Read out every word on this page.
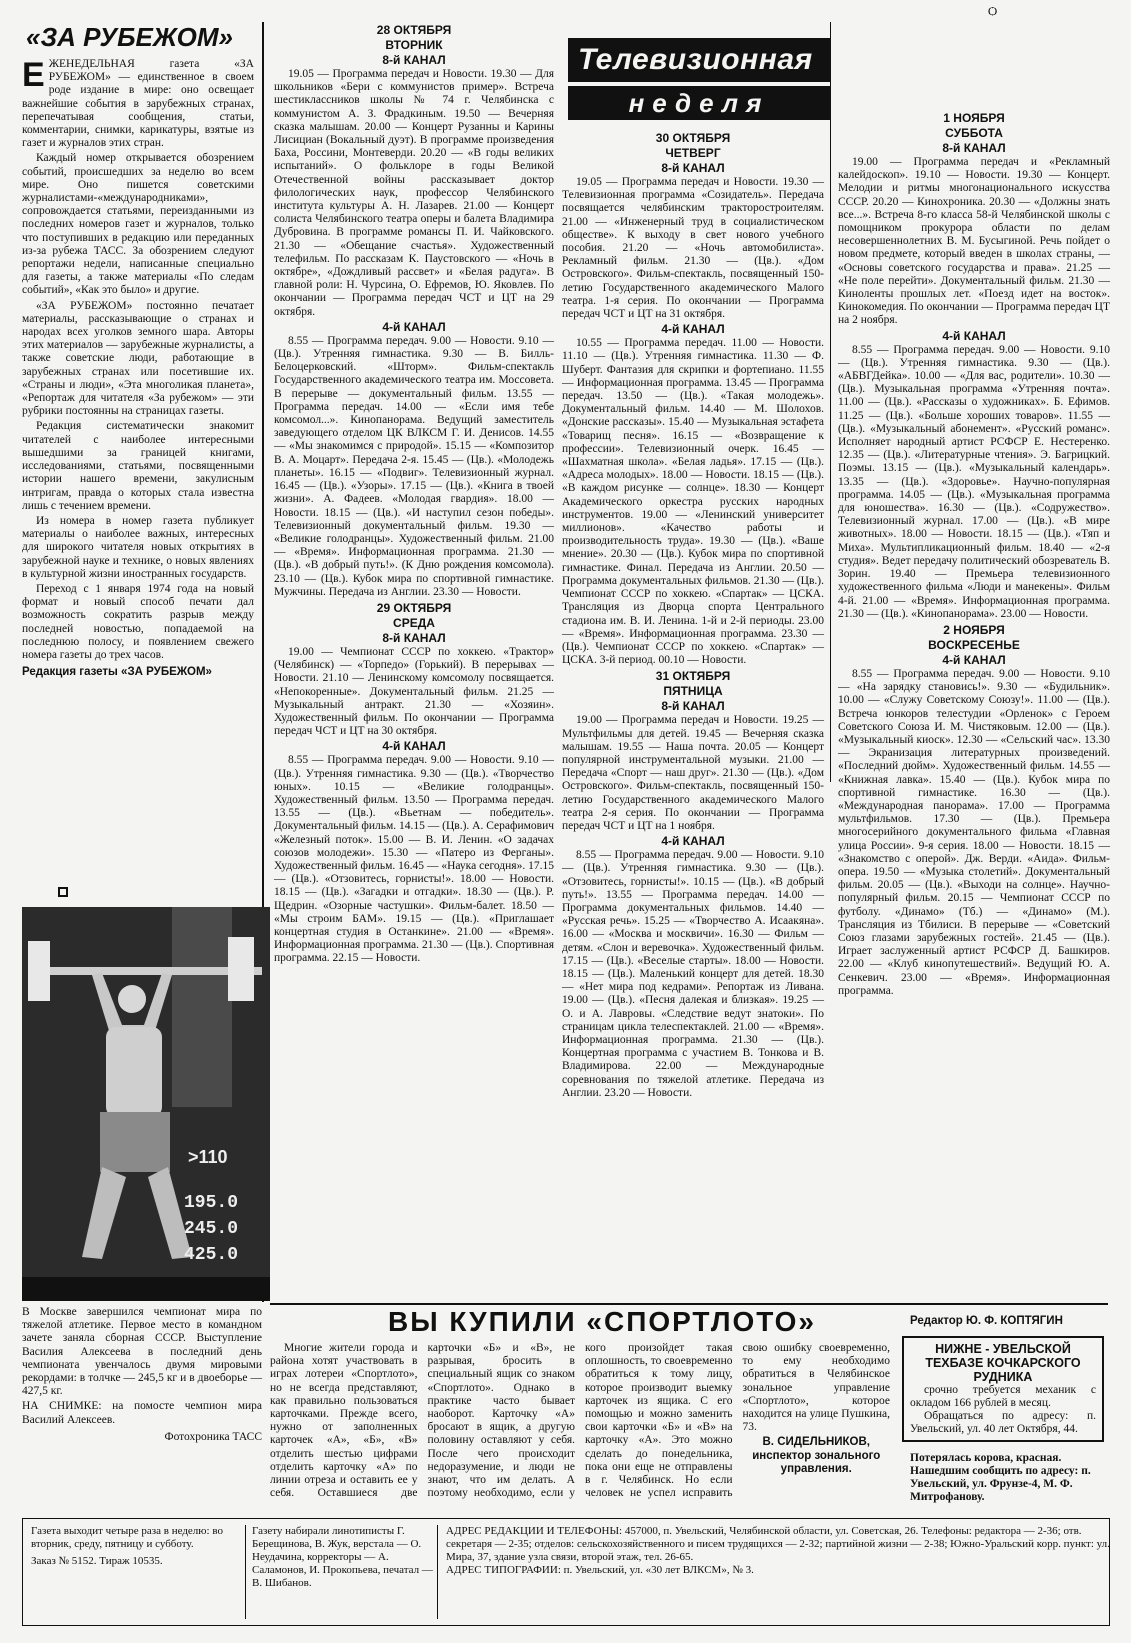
Ѻ
«ЗА РУБЕЖОМ»

ЕЖЕНЕДЕЛЬНАЯ газета «ЗА РУБЕЖОМ» — единственное в своем роде издание в мире: оно освещает важнейшие события в зарубежных странах, перепечатывая сообщения, статьи, комментарии, снимки, карикатуры, взятые из газет и журналов этих стран.

Каждый номер открывается обозрением событий, происшедших за неделю во всем мире. Оно пишется советскими журналистами-«международниками», сопровождается статьями, переизданными из последних номеров газет и журналов, только что поступивших в редакцию или переданных из-за рубежа ТАСС. За обозрением следуют репортажи недели, написанные специально для газеты, а также материалы «По следам событий», «Как это было» и другие.

«ЗА РУБЕЖОМ» постоянно печатает материалы, рассказывающие о странах и народах всех уголков земного шара. Авторы этих материалов — зарубежные журналисты, а также советские люди, работающие в зарубежных странах или посетившие их. «Страны и люди», «Эта многоликая планета», «Репортаж для читателя «За рубежом» — эти рубрики постоянны на страницах газеты.

Редакция систематически знакомит читателей с наиболее интересными вышедшими за границей книгами, исследованиями, статьями, посвященными истории нашего времени, закулисным интригам, правда о которых стала известна лишь с течением времени.

Из номера в номер газета публикует материалы о наиболее важных, интересных для широкого читателя новых открытиях в зарубежной науке и технике, о новых явлениях в культурной жизни иностранных государств.

Переход с 1 января 1974 года на новый формат и новый способ печати дал возможность сократить разрыв между последней новостью, попадаемой на последнюю полосу, и появлением свежего номера газеты до трех часов.

Редакция газеты «ЗА РУБЕЖОМ»
>110
195.0
245.0
425.0

В Москве завершился чемпионат мира по тяжелой атлетике. Первое место в командном зачете заняла сборная СССР. Выступление Василия Алексеева в последний день чемпионата увенчалось двумя мировыми рекордами: в толчке — 245,5 кг и в двоеборье — 427,5 кг.

НА СНИМКЕ: на помосте чемпион мира Василий Алексеев.

Фотохроника ТАСС
28 ОКТЯБРЯ
ВТОРНИК
8-й КАНАЛ

19.05 — Программа передач и Новости. 19.30 — Для школьников «Бери с коммунистов пример». Встреча шестиклассников школы № 74 г. Челябинска с коммунистом А. З. Фрадкиным. 19.50 — Вечерняя сказка малышам. 20.00 — Концерт Рузанны и Карины Лисициан (Вокальный дуэт). В программе произведения Баха, Россини, Монтеверди. 20.20 — «В годы великих испытаний». О фольклоре в годы Великой Отечественной войны рассказывает доктор филологических наук, профессор Челябинского института культуры А. Н. Лазарев. 21.00 — Концерт солиста Челябинского театра оперы и балета Владимира Дубровина. В программе романсы П. И. Чайковского. 21.30 — «Обещание счастья». Художественный телефильм. По рассказам К. Паустовского — «Ночь в октябре», «Дождливый рассвет» и «Белая радуга». В главной роли: Н. Чурсина, О. Ефремов, Ю. Яковлев. По окончании — Программа передач ЧСТ и ЦТ на 29 октября.

4-й КАНАЛ

8.55 — Программа передач. 9.00 — Новости. 9.10 — (Цв.). Утренняя гимнастика. 9.30 — В. Билль-Белоцерковский. «Шторм». Фильм-спектакль Государственного академического театра им. Моссовета. В перерыве — документальный фильм. 13.55 — Программа передач. 14.00 — «Если имя тебе комсомол...». Кинопанорама. Ведущий заместитель заведующего отделом ЦК ВЛКСМ Г. И. Денисов. 14.55 — «Мы знакомимся с природой». 15.15 — «Композитор В. А. Моцарт». Передача 2-я. 15.45 — (Цв.). «Молодежь планеты». 16.15 — «Подвиг». Телевизионный журнал. 16.45 — (Цв.). «Узоры». 17.15 — (Цв.). «Книга в твоей жизни». А. Фадеев. «Молодая гвардия». 18.00 — Новости. 18.15 — (Цв.). «И наступил сезон победы». Телевизионный документальный фильм. 19.30 — «Великие голодранцы». Художественный фильм. 21.00 — «Время». Информационная программа. 21.30 — (Цв.). «В добрый путь!». (К Дню рождения комсомола). 23.10 — (Цв.). Кубок мира по спортивной гимнастике. Мужчины. Передача из Англии. 23.30 — Новости.

29 ОКТЯБРЯ
СРЕДА
8-й КАНАЛ

19.00 — Чемпионат СССР по хоккею. «Трактор» (Челябинск) — «Торпедо» (Горький). В перерывах — Новости. 21.10 — Ленинскому комсомолу посвящается. «Непокоренные». Документальный фильм. 21.25 — Музыкальный антракт. 21.30 — «Хозяин». Художественный фильм. По окончании — Программа передач ЧСТ и ЦТ на 30 октября.

4-й КАНАЛ

8.55 — Программа передач. 9.00 — Новости. 9.10 — (Цв.). Утренняя гимнастика. 9.30 — (Цв.). «Творчество юных». 10.15 — «Великие голодранцы». Художественный фильм. 13.50 — Программа передач. 13.55 — (Цв.). «Вьетнам — победитель». Документальный фильм. 14.15 — (Цв.). А. Серафимович «Железный поток». 15.00 — В. И. Ленин. «О задачах союзов молодежи». 15.30 — «Патеро из Ферганы». Художественный фильм. 16.45 — «Наука сегодня». 17.15 — (Цв.). «Отзовитесь, горнисты!». 18.00 — Новости. 18.15 — (Цв.). «Загадки и отгадки». 18.30 — (Цв.). Р. Щедрин. «Озорные частушки». Фильм-балет. 18.50 — «Мы строим БАМ». 19.15 — (Цв.). «Приглашает концертная студия в Останкине». 21.00 — «Время». Информационная программа. 21.30 — (Цв.). Спортивная программа. 22.15 — Новости.

Телевизионная
неделя
30 ОКТЯБРЯ
ЧЕТВЕРГ
8-й КАНАЛ

19.05 — Программа передач и Новости. 19.30 — Телевизионная программа «Созидатель». Передача посвящается челябинским тракторостроителям. 21.00 — «Инженерный труд в социалистическом обществе». К выходу в свет нового учебного пособия. 21.20 — «Ночь автомобилиста». Рекламный фильм. 21.30 — (Цв.). «Дом Островского». Фильм-спектакль, посвященный 150-летию Государственного академического Малого театра. 1-я серия. По окончании — Программа передач ЧСТ и ЦТ на 31 октября.

4-й КАНАЛ

10.55 — Программа передач. 11.00 — Новости. 11.10 — (Цв.). Утренняя гимнастика. 11.30 — Ф. Шуберт. Фантазия для скрипки и фортепиано. 11.55 — Информационная программа. 13.45 — Программа передач. 13.50 — (Цв.). «Такая молодежь». Документальный фильм. 14.40 — М. Шолохов. «Донские рассказы». 15.40 — Музыкальная эстафета «Товарищ песня». 16.15 — «Возвращение к профессии». Телевизионный очерк. 16.45 — «Шахматная школа». «Белая ладья». 17.15 — (Цв.). «Адреса молодых». 18.00 — Новости. 18.15 — (Цв.). «В каждом рисунке — солнце». 18.30 — Концерт Академического оркестра русских народных инструментов. 19.00 — «Ленинский университет миллионов». «Качество работы и производительность труда». 19.30 — (Цв.). «Ваше мнение». 20.30 — (Цв.). Кубок мира по спортивной гимнастике. Финал. Передача из Англии. 20.50 — Программа документальных фильмов. 21.30 — (Цв.). Чемпионат СССР по хоккею. «Спартак» — ЦСКА. Трансляция из Дворца спорта Центрального стадиона им. В. И. Ленина. 1-й и 2-й периоды. 23.00 — «Время». Информационная программа. 23.30 — (Цв.). Чемпионат СССР по хоккею. «Спартак» — ЦСКА. 3-й период. 00.10 — Новости.

31 ОКТЯБРЯ
ПЯТНИЦА
8-й КАНАЛ

19.00 — Программа передач и Новости. 19.25 — Мультфильмы для детей. 19.45 — Вечерняя сказка малышам. 19.55 — Наша почта. 20.05 — Концерт популярной инструментальной музыки. 21.00 — Передача «Спорт — наш друг». 21.30 — (Цв.). «Дом Островского». Фильм-спектакль, посвященный 150-летию Государственного академического Малого театра 2-я серия. По окончании — Программа передач ЧСТ и ЦТ на 1 ноября.

4-й КАНАЛ

8.55 — Программа передач. 9.00 — Новости. 9.10 — (Цв.). Утренняя гимнастика. 9.30 — (Цв.). «Отзовитесь, горнисты!». 10.15 — (Цв.). «В добрый путь!». 13.55 — Программа передач. 14.00 — Программа документальных фильмов. 14.40 — «Русская речь». 15.25 — «Творчество А. Исаакяна». 16.00 — «Москва и москвичи». 16.30 — Фильм — детям. «Слон и веревочка». Художественный фильм. 17.15 — (Цв.). «Веселые старты». 18.00 — Новости. 18.15 — (Цв.). Маленький концерт для детей. 18.30 — «Нет мира под кедрами». Репортаж из Ливана. 19.00 — (Цв.). «Песня далекая и близкая». 19.25 — О. и А. Лавровы. «Следствие ведут знатоки». По страницам цикла телеспектаклей. 21.00 — «Время». Информационная программа. 21.30 — (Цв.). Концертная программа с участием В. Тонкова и В. Владимирова. 22.00 — Международные соревнования по тяжелой атлетике. Передача из Англии. 23.20 — Новости.

1 НОЯБРЯ
СУББОТА
8-й КАНАЛ

19.00 — Программа передач и «Рекламный калейдоскоп». 19.10 — Новости. 19.30 — Концерт. Мелодии и ритмы многонационального искусства СССР. 20.20 — Кинохроника. 20.30 — «Должны знать все...». Встреча 8-го класса 58-й Челябинской школы с помощником прокурора области по делам несовершеннолетних В. М. Бусыгиной. Речь пойдет о новом предмете, который введен в школах страны, — «Основы советского государства и права». 21.25 — «Не поле перейти». Документальный фильм. 21.30 — Киноленты прошлых лет. «Поезд идет на восток». Кинокомедия. По окончании — Программа передач ЦТ на 2 ноября.

4-й КАНАЛ

8.55 — Программа передач. 9.00 — Новости. 9.10 — (Цв.). Утренняя гимнастика. 9.30 — (Цв.). «АБВГДейка». 10.00 — «Для вас, родители». 10.30 — (Цв.). Музыкальная программа «Утренняя почта». 11.00 — (Цв.). «Рассказы о художниках». Б. Ефимов. 11.25 — (Цв.). «Больше хороших товаров». 11.55 — (Цв.). «Музыкальный абонемент». «Русский романс». Исполняет народный артист РСФСР Е. Нестеренко. 12.35 — (Цв.). «Литературные чтения». Э. Багрицкий. Поэмы. 13.15 — (Цв.). «Музыкальный календарь». 13.35 — (Цв.). «Здоровье». Научно-популярная программа. 14.05 — (Цв.). «Музыкальная программа для юношества». 16.30 — (Цв.). «Содружество». Телевизионный журнал. 17.00 — (Цв.). «В мире животных». 18.00 — Новости. 18.15 — (Цв.). «Тяп и Миха». Мультипликационный фильм. 18.40 — «2-я студия». Ведет передачу политический обозреватель В. Зорин. 19.40 — Премьера телевизионного художественного фильма «Люди и манекены». Фильм 4-й. 21.00 — «Время». Информационная программа. 21.30 — (Цв.). «Кинопанорама». 23.00 — Новости.

2 НОЯБРЯ
ВОСКРЕСЕНЬЕ
4-й КАНАЛ

8.55 — Программа передач. 9.00 — Новости. 9.10 — «На зарядку становись!». 9.30 — «Будильник». 10.00 — «Служу Советскому Союзу!». 11.00 — (Цв.). Встреча юнкоров телестудии «Орленок» с Героем Советского Союза И. М. Чистяковым. 12.00 — (Цв.). «Музыкальный киоск». 12.30 — «Сельский час». 13.30 — Экранизация литературных произведений. «Последний дюйм». Художественный фильм. 14.55 — «Книжная лавка». 15.40 — (Цв.). Кубок мира по спортивной гимнастике. 16.30 — (Цв.). «Международная панорама». 17.00 — Программа мультфильмов. 17.30 — (Цв.). Премьера многосерийного документального фильма «Главная улица России». 9-я серия. 18.00 — Новости. 18.15 — «Знакомство с оперой». Дж. Верди. «Аида». Фильм-опера. 19.50 — «Музыка столетий». Документальный фильм. 20.05 — (Цв.). «Выходи на солнце». Научно-популярный фильм. 20.15 — Чемпионат СССР по футболу. «Динамо» (Тб.) — «Динамо» (М.). Трансляция из Тбилиси. В перерыве — «Советский Союз глазами зарубежных гостей». 21.45 — (Цв.). Играет заслуженный артист РСФСР Д. Башкиров. 22.00 — «Клуб кинопутешествий». Ведущий Ю. А. Сенкевич. 23.00 — «Время». Информационная программа.

ВЫ КУПИЛИ «СПОРТЛОТО»

Многие жители города и района хотят участвовать в играх лотереи «Спортлото», но не всегда представляют, как правильно пользоваться карточками. Прежде всего, нужно от заполненных карточек «А», «Б», «В» отделить шестью цифрами отделить карточку «А» по линии отреза и оставить ее у себя. Оставшиеся две карточки «Б» и «В», не разрывая, бросить в специальный ящик со знаком «Спортлото». Однако в практике часто бывает наоборот. Карточку «А» бросают в ящик, а другую половину оставляют у себя. После чего происходит недоразумение, и люди не знают, что им делать. А поэтому необходимо, если у кого произойдет такая оплошность, то своевременно обратиться к тому лицу, которое производит выемку карточек из ящика. С его помощью и можно заменить свои карточки «Б» и «В» на карточку «А». Это можно сделать до понедельника, пока они еще не отправлены в г. Челябинск. Но если человек не успел исправить свою ошибку своевременно, то ему необходимо обратиться в Челябинское зональное управление «Спортлото», которое находится на улице Пушкина, 73.

В. СИДЕЛЬНИКОВ,
инспектор зонального управления.
Редактор Ю. Ф. КОПТЯГИН
НИЖНЕ - УВЕЛЬСКОЙ ТЕХБАЗЕ КОЧКАРСКОГО РУДНИКА
срочно требуется механик с окладом 166 рублей в месяц.
Обращаться по адресу: п. Увельский, ул. 40 лет Октября, 44.
Потерялась корова, красная. Нашедшим сообщить по адресу: п. Увельский, ул. Фрунзе-4, М. Ф. Митрофанову.
Газета выходит четыре раза в неделю: во вторник, среду, пятницу и субботу.
Заказ № 5152. Тираж 10535.
Газету набирали линотиписты Г. Берещинова, В. Жук, верстала — О. Неудачина, корректоры — А. Саламонов, И. Прокопьева, печатал — В. Шибанов.
АДРЕС РЕДАКЦИИ И ТЕЛЕФОНЫ: 457000, п. Увельский, Челябинской области, ул. Советская, 26. Телефоны: редактора — 2-36; отв. секретаря — 2-35; отделов: сельскохозяйственного и писем трудящихся — 2-32; партийной жизни — 2-38; Южно-Уральский корр. пункт: ул. Мира, 37, здание узла связи, второй этаж, тел. 26-65.
АДРЕС ТИПОГРАФИИ: п. Увельский, ул. «30 лет ВЛКСМ», № 3.
